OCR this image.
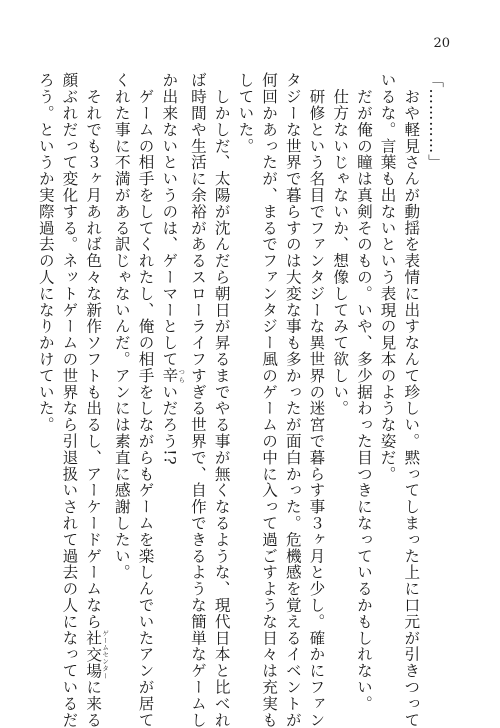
20

「…………」

　おや軽見さんが動揺を表情に出すなんて珍しい。黙ってしまった上に口元が引きつって

いるな。言葉も出ないという表現の見本のような姿だ。

　だが俺の瞳は真剣そのもの。いや、多少据わった目つきになっているかもしれない。

　仕方ないじゃないか、想像してみて欲しい。

　研修という名目でファンタジーな異世界の迷宮で暮らす事３ヶ月と少し。確かにファン

タジーな世界で暮らすのは大変な事も多かったが面白かった。危機感を覚えるイベントが

何回かあったが、まるでファンタジー風のゲームの中に入って過ごすような日々は充実も

していた。

　しかしだ、太陽が沈んだら朝日が昇るまでやる事が無くなるような、現代日本と比べれ

ば時間や生活に余裕があるスローライフすぎる世界で、自作できるような簡単なゲームし

か出来ないというのは、ゲーマーとして辛 つらいだろう!?

　ゲームの相手をしてくれたし、俺の相手をしながらもゲームを楽しんでいたアンが居て

くれた事に不満がある訳じゃないんだ。アンには素直に感謝したい。

　それでも３ヶ月あれば色々な新作ソフトも出るし、アーケードゲームなら社交場 ゲームセンターに来る

顔ぶれだって変化する。ネットゲームの世界なら引退扱いされて過去の人になっているだ

ろう。というか実際過去の人になりかけていた。
